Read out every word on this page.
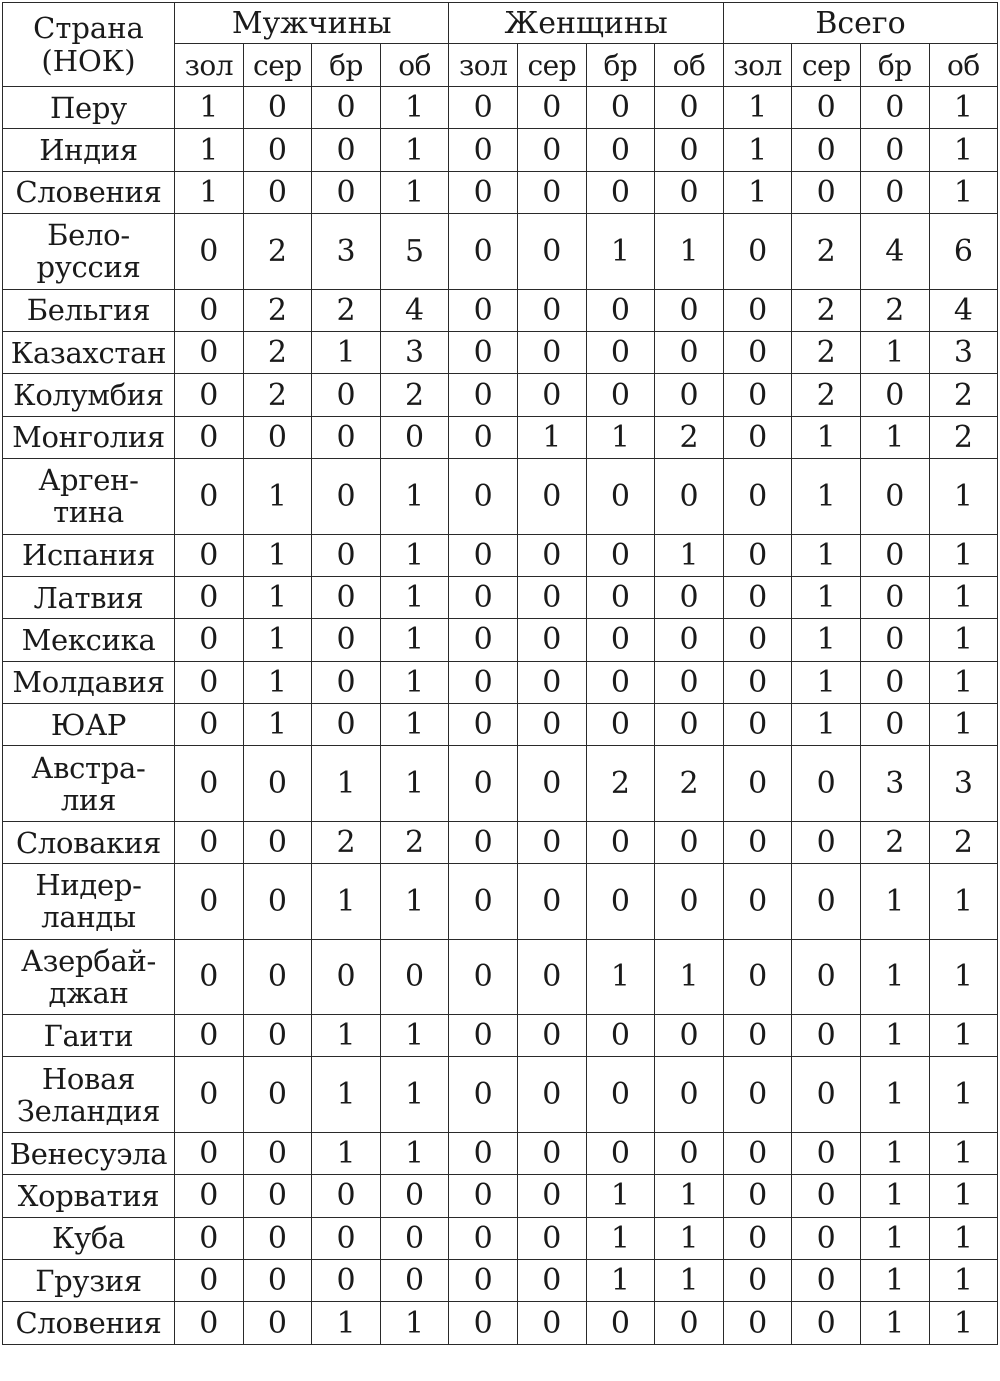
Страна
(НОК)	Мужчины				Женщины				Всего			
	зол	сер	бр	об	зол	сер	бр	об	зол	сер	бр	об
Перу	1	0	0	1	0	0	0	0	1	0	0	1
Индия	1	0	0	1	0	0	0	0	1	0	0	1
Словения	1	0	0	1	0	0	0	0	1	0	0	1
Бело-
руссия	0	2	3	5	0	0	1	1	0	2	4	6
Бельгия	0	2	2	4	0	0	0	0	0	2	2	4
Казахстан	0	2	1	3	0	0	0	0	0	2	1	3
Колумбия	0	2	0	2	0	0	0	0	0	2	0	2
Монголия	0	0	0	0	0	1	1	2	0	1	1	2
Арген-
тина	0	1	0	1	0	0	0	0	0	1	0	1
Испания	0	1	0	1	0	0	0	1	0	1	0	1
Латвия	0	1	0	1	0	0	0	0	0	1	0	1
Мексика	0	1	0	1	0	0	0	0	0	1	0	1
Молдавия	0	1	0	1	0	0	0	0	0	1	0	1
ЮАР	0	1	0	1	0	0	0	0	0	1	0	1
Австра-
лия	0	0	1	1	0	0	2	2	0	0	3	3
Словакия	0	0	2	2	0	0	0	0	0	0	2	2
Нидер-
ланды	0	0	1	1	0	0	0	0	0	0	1	1
Азербай-
джан	0	0	0	0	0	0	1	1	0	0	1	1
Гаити	0	0	1	1	0	0	0	0	0	0	1	1
Новая
Зеландия	0	0	1	1	0	0	0	0	0	0	1	1
Венесуэла	0	0	1	1	0	0	0	0	0	0	1	1
Хорватия	0	0	0	0	0	0	1	1	0	0	1	1
Куба	0	0	0	0	0	0	1	1	0	0	1	1
Грузия	0	0	0	0	0	0	1	1	0	0	1	1
Словения	0	0	1	1	0	0	0	0	0	0	1	1
